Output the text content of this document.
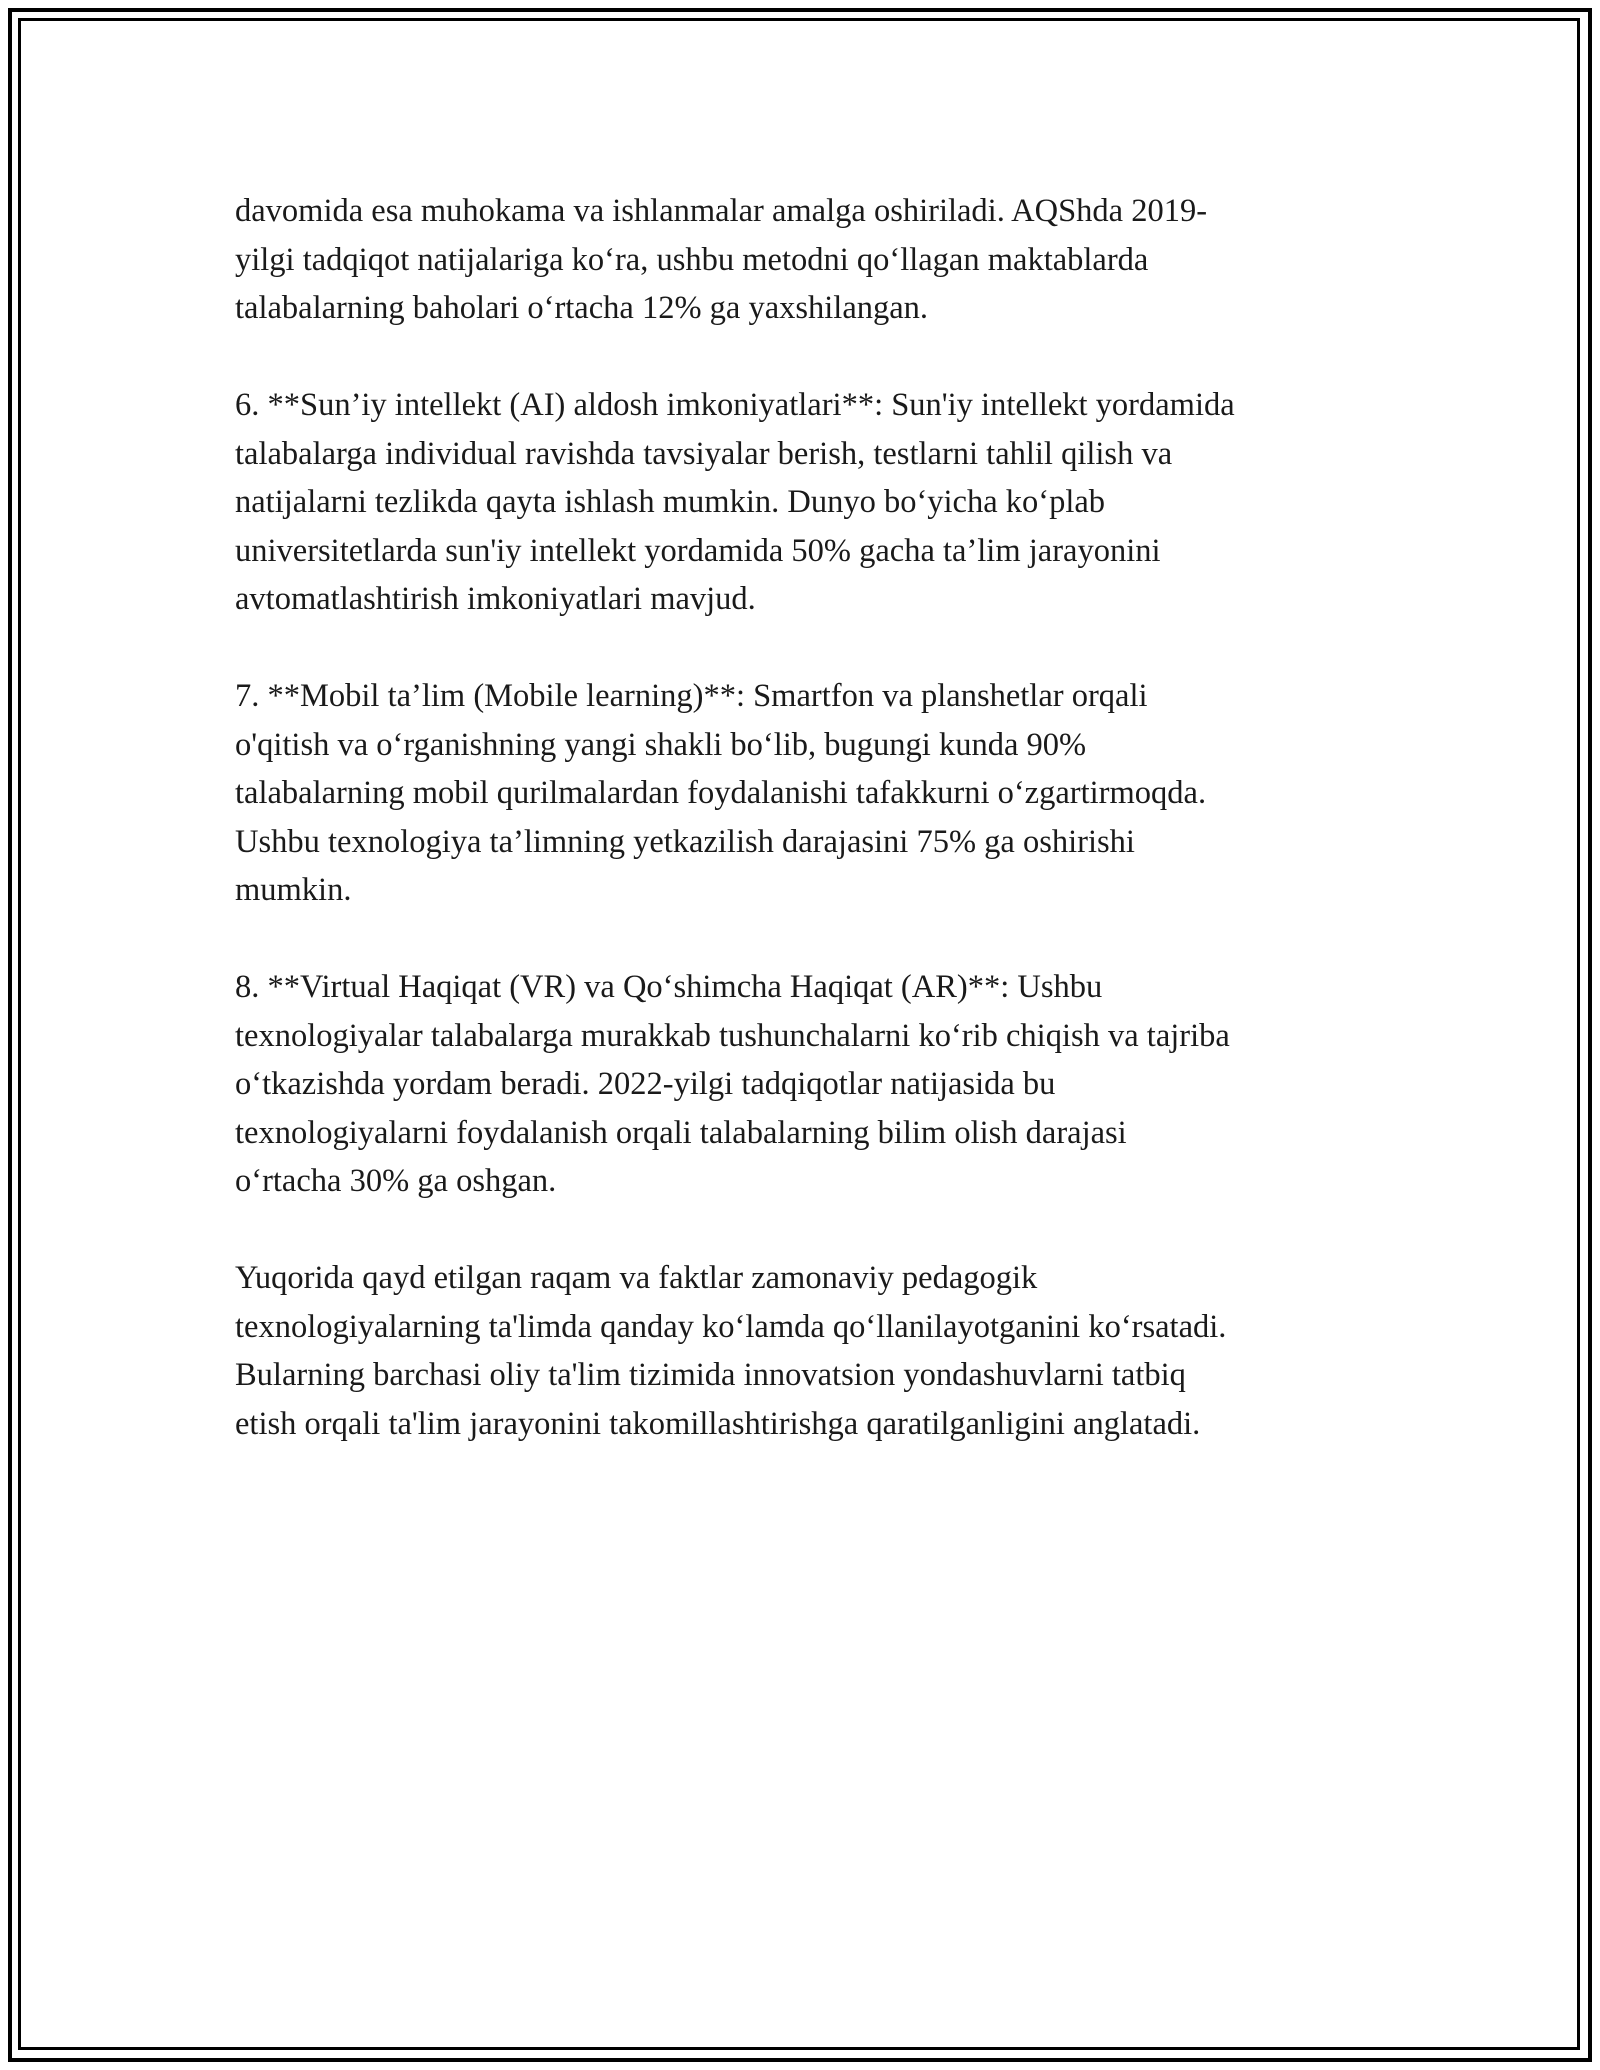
davomida esa muhokama va ishlanmalar amalga oshiriladi. AQShda 2019-
yilgi tadqiqot natijalariga ko‘ra, ushbu metodni qo‘llagan maktablarda
talabalarning baholari o‘rtacha 12% ga yaxshilangan.

6. **Sun’iy intellekt (AI) aldosh imkoniyatlari**: Sun'iy intellekt yordamida
talabalarga individual ravishda tavsiyalar berish, testlarni tahlil qilish va
natijalarni tezlikda qayta ishlash mumkin. Dunyo bo‘yicha ko‘plab
universitetlarda sun'iy intellekt yordamida 50% gacha ta’lim jarayonini
avtomatlashtirish imkoniyatlari mavjud.

7. **Mobil ta’lim (Mobile learning)**: Smartfon va planshetlar orqali
o'qitish va o‘rganishning yangi shakli bo‘lib, bugungi kunda 90%
talabalarning mobil qurilmalardan foydalanishi tafakkurni o‘zgartirmoqda.
Ushbu texnologiya ta’limning yetkazilish darajasini 75% ga oshirishi
mumkin.

8. **Virtual Haqiqat (VR) va Qo‘shimcha Haqiqat (AR)**: Ushbu
texnologiyalar talabalarga murakkab tushunchalarni ko‘rib chiqish va tajriba
o‘tkazishda yordam beradi. 2022-yilgi tadqiqotlar natijasida bu
texnologiyalarni foydalanish orqali talabalarning bilim olish darajasi
o‘rtacha 30% ga oshgan.

Yuqorida qayd etilgan raqam va faktlar zamonaviy pedagogik
texnologiyalarning ta'limda qanday ko‘lamda qo‘llanilayotganini ko‘rsatadi.
Bularning barchasi oliy ta'lim tizimida innovatsion yondashuvlarni tatbiq
etish orqali ta'lim jarayonini takomillashtirishga qaratilganligini anglatadi.
